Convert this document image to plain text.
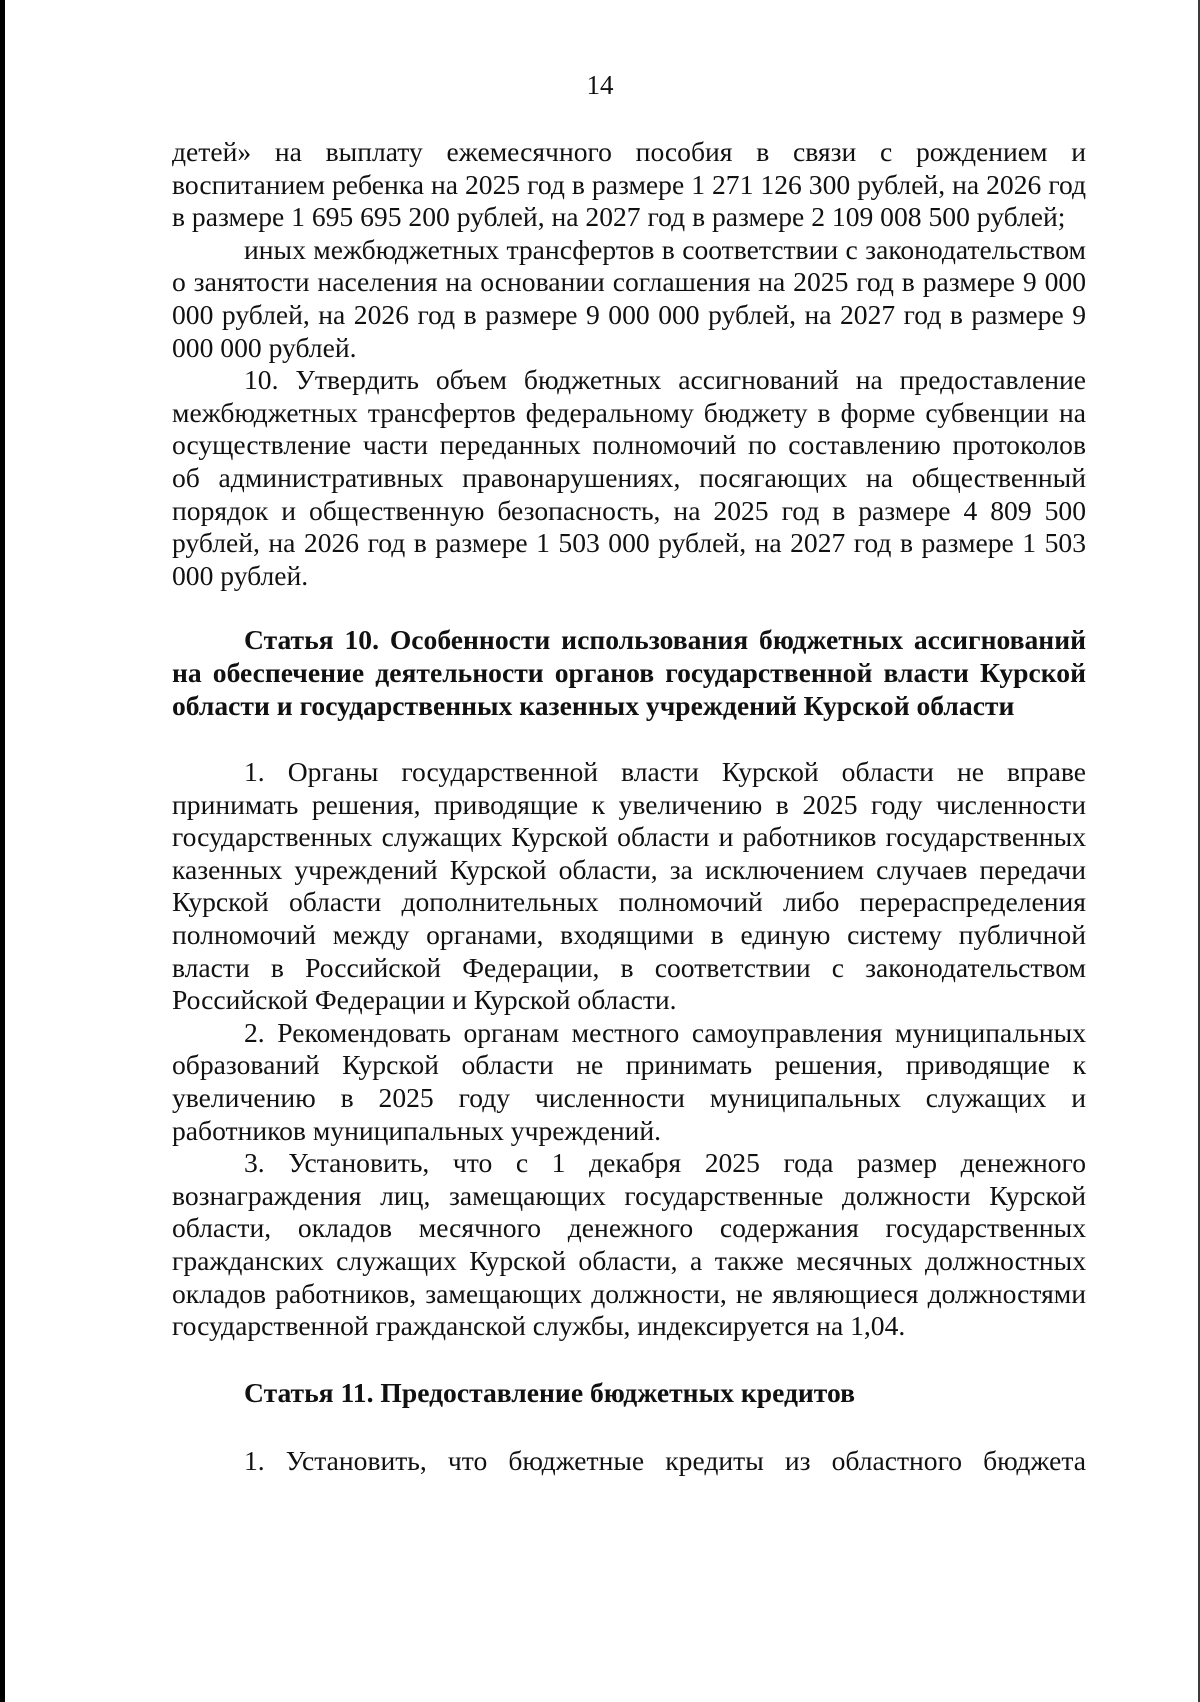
14

детей» на выплату ежемесячного пособия в связи с рождением и воспитанием ребенка на 2025 год в размере 1 271 126 300 рублей, на 2026 год в размере 1 695 695 200 рублей, на 2027 год в размере 2 109 008 500 рублей;

иных межбюджетных трансфертов в соответствии с законодательством о занятости населения на основании соглашения на 2025 год в размере 9 000 000 рублей, на 2026 год в размере 9 000 000 рублей, на 2027 год в размере 9 000 000 рублей.

10. Утвердить объем бюджетных ассигнований на предоставление межбюджетных трансфертов федеральному бюджету в форме субвенции на осуществление части переданных полномочий по составлению протоколов об административных правонарушениях, посягающих на общественный порядок и общественную безопасность, на 2025 год в размере 4 809 500 рублей, на 2026 год в размере 1 503 000 рублей, на 2027 год в размере 1 503 000 рублей.

Статья 10. Особенности использования бюджетных ассигнований на обеспечение деятельности органов государственной власти Курской области и государственных казенных учреждений Курской области

1. Органы государственной власти Курской области не вправе принимать решения, приводящие к увеличению в 2025 году численности государственных служащих Курской области и работников государственных казенных учреждений Курской области, за исключением случаев передачи Курской области дополнительных полномочий либо перераспределения полномочий между органами, входящими в единую систему публичной власти в Российской Федерации, в соответствии с законодательством Российской Федерации и Курской области.

2. Рекомендовать органам местного самоуправления муниципальных образований Курской области не принимать решения, приводящие к увеличению в 2025 году численности муниципальных служащих и работников муниципальных учреждений.

3. Установить, что с 1 декабря 2025 года размер денежного вознаграждения лиц, замещающих государственные должности Курской области, окладов месячного денежного содержания государственных гражданских служащих Курской области, а также месячных должностных окладов работников, замещающих должности, не являющиеся должностями государственной гражданской службы, индексируется на 1,04.

Статья 11. Предоставление бюджетных кредитов

1. Установить, что бюджетные кредиты из областного бюджета
